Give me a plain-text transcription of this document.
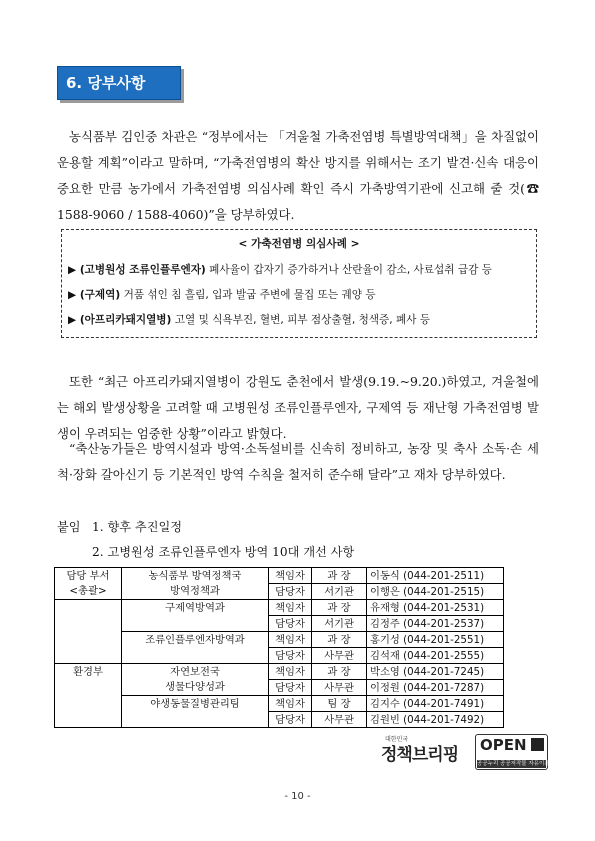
6. 당부사항

농식품부 김인중 차관은 “정부에서는 「겨울철 가축전염병 특별방역대책」을 차질없이 운용할 계획”이라고 말하며, “가축전염병의 확산 방지를 위해서는 조기 발견·신속 대응이 중요한 만큼 농가에서 가축전염병 의심사례 확인 즉시 가축방역기관에 신고해 줄 것(☎ 1588-9060 / 1588-4060)”을 당부하였다.

< 가축전염병 의심사례 >
▶ (고병원성 조류인플루엔자) 폐사율이 갑자기 증가하거나 산란율이 감소, 사료섭취 급감 등
▶ (구제역) 거품 섞인 침 흘림, 입과 발굽 주변에 물집 또는 궤양 등
▶ (아프리카돼지열병) 고열 및 식욕부진, 혈변, 피부 점상출혈, 청색증, 폐사 등

또한 “최근 아프리카돼지열병이 강원도 춘천에서 발생(9.19.~9.20.)하였고, 겨울철에는 해외 발생상황을 고려할 때 고병원성 조류인플루엔자, 구제역 등 재난형 가축전염병 발생이 우려되는 엄중한 상황”이라고 밝혔다.

“축산농가들은 방역시설과 방역·소독설비를 신속히 정비하고, 농장 및 축사 소독·손 세척·장화 갈아신기 등 기본적인 방역 수칙을 철저히 준수해 달라”고 재차 당부하였다.

붙임 1. 향후 추진일정
2. 고병원성 조류인플루엔자 방역 10대 개선 사항
담당 부서	농식품부 방역정책국	책임자	과 장	이동식 (044-201-2511)
<총괄>	방역정책과	담당자	서기관	이행은 (044-201-2515)
	구제역방역과	책임자	과 장	유재형 (044-201-2531)
		담당자	서기관	김정주 (044-201-2537)
	조류인플루엔자방역과	책임자	과 장	홍기성 (044-201-2551)
		담당자	사무관	김석재 (044-201-2555)
환경부	자연보전국	책임자	과 장	박소영 (044-201-7245)
	생물다양성과	담당자	사무관	이정원 (044-201-7287)
	야생동물질병관리팀	책임자	팀 장	김지수 (044-201-7491)
		담당자	사무관	김원빈 (044-201-7492)
대한민국
정책브리핑 OPEN
공공누리 공공저작물 자유이용허락
- 10 -
